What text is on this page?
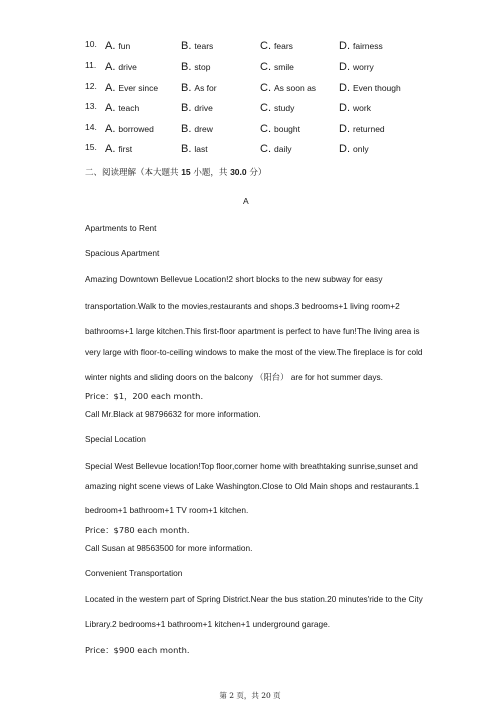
10. A. fun	B. tears	C. fears	D. fairness
11. A. drive	B. stop	C. smile	D. worry
12. A. Ever since B. As for	C. As soon as D. Even though
13. A. teach	B. drive	C. study	D. work
14. A. borrowed B. drew	C. bought	D. returned
15. A. first	B. last	C. daily	D. only
二、阅读理解（本大题共 15 小题，共 30.0 分）
A
Apartments to Rent
Spacious Apartment
Amazing Downtown Bellevue Location!2 short blocks to the new subway for easy
transportation.Walk to the movies,restaurants and shops.3 bedrooms+1 living room+2
bathrooms+1 large kitchen.This first-floor apartment is perfect to have fun!The living area is
very large with floor-to-ceiling windows to make the most of the view.The fireplace is for cold
winter nights and sliding doors on the balcony （阳台） are for hot summer days.
Price：$1，200 each month.
Call Mr.Black at 98796632 for more information.
Special Location
Special West Bellevue location!Top floor,corner home with breathtaking sunrise,sunset and
amazing night scene views of Lake Washington.Close to Old Main shops and restaurants.1
bedroom+1 bathroom+1 TV room+1 kitchen.
Price：$780 each month.
Call Susan at 98563500 for more information.
Convenient Transportation
Located in the western part of Spring District.Near the bus station.20 minutes'ride to the City
Library.2 bedrooms+1 bathroom+1 kitchen+1 underground garage.
Price：$900 each month.
第 2 页，共 20 页
